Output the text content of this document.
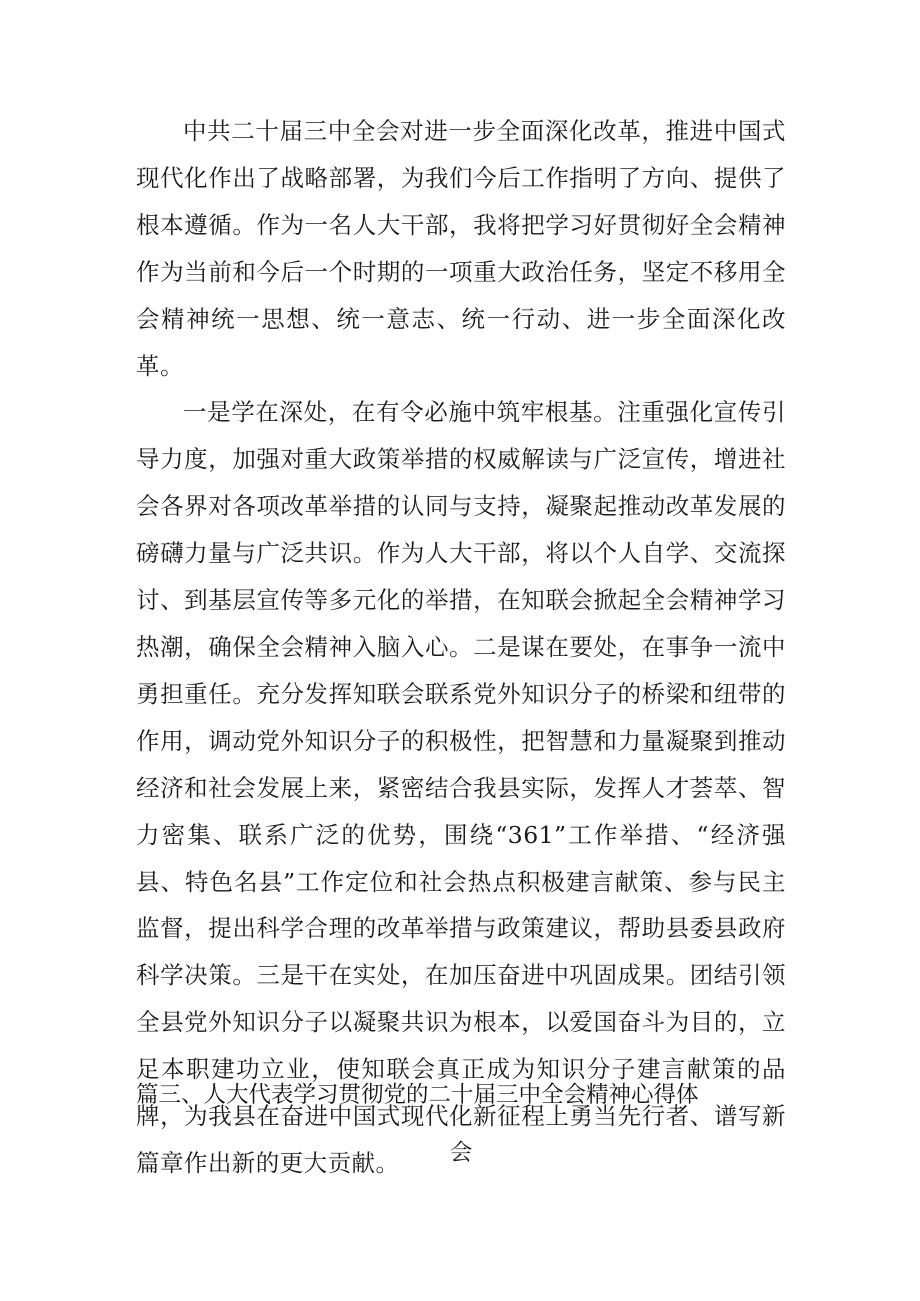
中共二十届三中全会对进一步全面深化改革，推进中国式现代化作出了战略部署，为我们今后工作指明了方向、提供了根本遵循。作为一名人大干部，我将把学习好贯彻好全会精神作为当前和今后一个时期的一项重大政治任务，坚定不移用全会精神统一思想、统一意志、统一行动、进一步全面深化改革。

一是学在深处，在有令必施中筑牢根基。注重强化宣传引导力度，加强对重大政策举措的权威解读与广泛宣传，增进社会各界对各项改革举措的认同与支持，凝聚起推动改革发展的磅礴力量与广泛共识。作为人大干部，将以个人自学、交流探讨、到基层宣传等多元化的举措，在知联会掀起全会精神学习热潮，确保全会精神入脑入心。二是谋在要处，在事争一流中勇担重任。充分发挥知联会联系党外知识分子的桥梁和纽带的作用，调动党外知识分子的积极性，把智慧和力量凝聚到推动经济和社会发展上来，紧密结合我县实际，发挥人才荟萃、智力密集、联系广泛的优势，围绕“361”工作举措、“经济强县、特色名县”工作定位和社会热点积极建言献策、参与民主监督，提出科学合理的改革举措与政策建议，帮助县委县政府科学决策。三是干在实处，在加压奋进中巩固成果。团结引领全县党外知识分子以凝聚共识为根本，以爱国奋斗为目的，立足本职建功立业，使知联会真正成为知识分子建言献策的品牌，为我县在奋进中国式现代化新征程上勇当先行者、谱写新篇章作出新的更大贡献。

篇三、人大代表学习贯彻党的二十届三中全会精神心得体
会
